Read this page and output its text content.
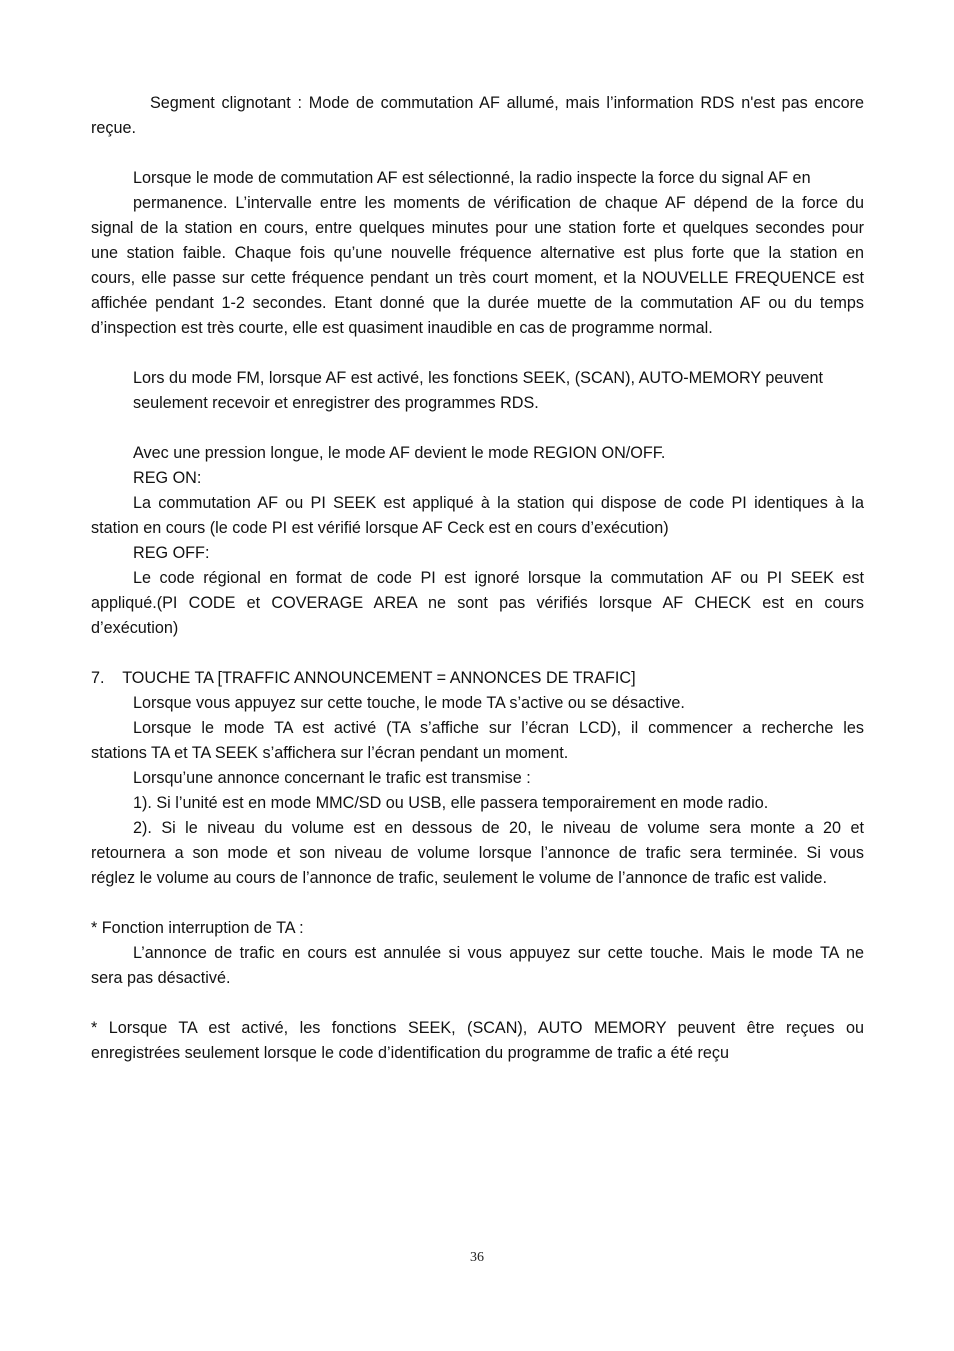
Segment clignotant : Mode de commutation AF allumé, mais l’information RDS n'est pas encore
reçue.
Lorsque le mode de commutation AF est sélectionné, la radio inspecte la force du signal AF en
permanence. L’intervalle entre les moments de vérification de chaque AF dépend de la force du
signal de la station en cours, entre quelques minutes pour une station forte et quelques secondes pour
une station faible. Chaque fois qu’une nouvelle fréquence alternative est plus forte que la station en
cours, elle passe sur cette fréquence pendant un très court moment, et la NOUVELLE FREQUENCE est
affichée pendant 1-2 secondes. Etant donné que la durée muette de la commutation AF ou du temps
d’inspection est très courte, elle est quasiment inaudible en cas de programme normal.
Lors du mode FM, lorsque AF est activé, les fonctions SEEK, (SCAN), AUTO-MEMORY peuvent
seulement recevoir et enregistrer des programmes RDS.
Avec une pression longue, le mode AF devient le mode REGION ON/OFF.
REG ON:
La commutation AF ou PI SEEK est appliqué à la station qui dispose de code PI identiques à la
station en cours (le code PI est vérifié lorsque AF Ceck est en cours d’exécution)
REG OFF:
Le code régional en format de code PI est ignoré lorsque la commutation AF ou PI SEEK est
appliqué.(PI CODE et COVERAGE AREA ne sont pas vérifiés lorsque AF CHECK est en cours
d’exécution)
7.    TOUCHE TA [TRAFFIC ANNOUNCEMENT = ANNONCES DE TRAFIC]
Lorsque vous appuyez sur cette touche, le mode TA s’active ou se désactive.
Lorsque le mode TA est activé (TA s’affiche sur l’écran LCD), il commencer a recherche les
stations TA et TA SEEK s’affichera sur l’écran pendant un moment.
Lorsqu’une annonce concernant le trafic est transmise :
1). Si l’unité est en mode MMC/SD ou USB, elle passera temporairement en mode radio.
2). Si le niveau du volume est en dessous de 20, le niveau de volume sera monte a 20 et
retournera a son mode et son niveau de volume lorsque l’annonce de trafic sera terminée. Si vous
réglez le volume au cours de l’annonce de trafic, seulement le volume de l’annonce de trafic est valide.
* Fonction interruption de TA :
L’annonce de trafic en cours est annulée si vous appuyez sur cette touche. Mais le mode TA ne
sera pas désactivé.
* Lorsque TA est activé, les fonctions SEEK, (SCAN), AUTO MEMORY peuvent être reçues ou
enregistrées seulement lorsque le code d’identification du programme de trafic a été reçu
36
